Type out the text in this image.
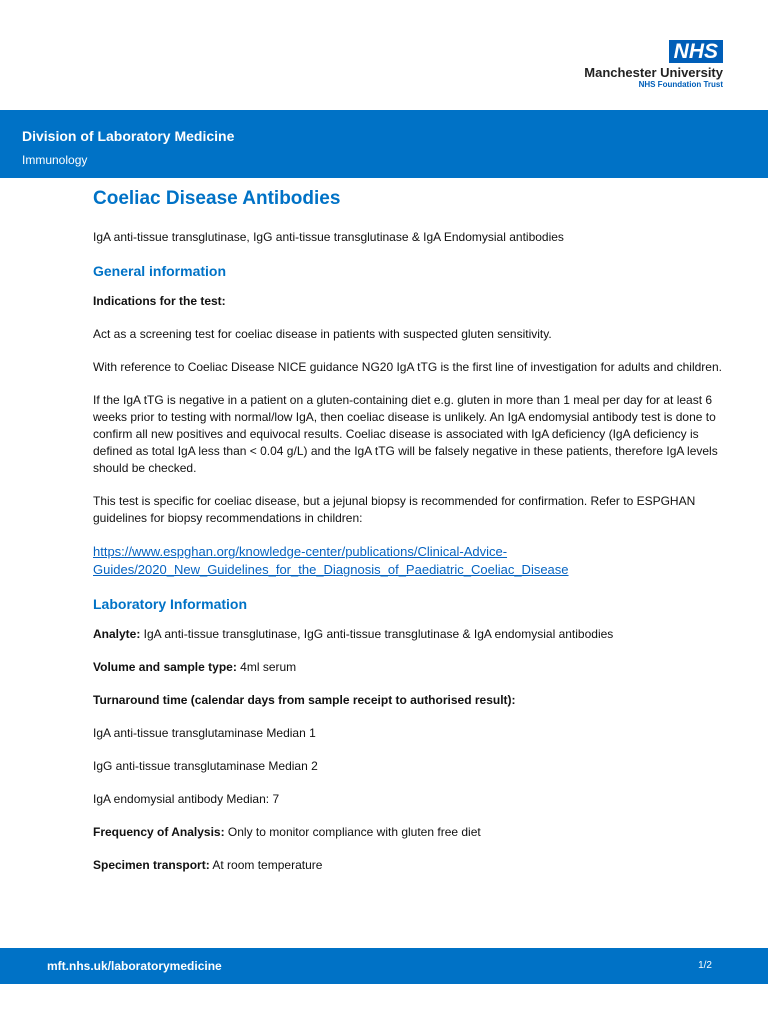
NHS
Manchester University
NHS Foundation Trust
Division of Laboratory Medicine
Immunology
Coeliac Disease Antibodies

IgA anti-tissue transglutinase, IgG anti-tissue transglutinase & IgA Endomysial antibodies

General information

Indications for the test:

Act as a screening test for coeliac disease in patients with suspected gluten sensitivity.

With reference to Coeliac Disease NICE guidance NG20 IgA tTG is the first line of investigation for adults and children.

If the IgA tTG is negative in a patient on a gluten-containing diet e.g. gluten in more than 1 meal per day for at least 6 weeks prior to testing with normal/low IgA, then coeliac disease is unlikely. An IgA endomysial antibody test is done to confirm all new positives and equivocal results. Coeliac disease is associated with IgA deficiency (IgA deficiency is defined as total IgA less than < 0.04 g/L) and the IgA tTG will be falsely negative in these patients, therefore IgA levels should be checked.

This test is specific for coeliac disease, but a jejunal biopsy is recommended for confirmation. Refer to ESPGHAN guidelines for biopsy recommendations in children:

https://www.espghan.org/knowledge-center/publications/Clinical-Advice-
Guides/2020_New_Guidelines_for_the_Diagnosis_of_Paediatric_Coeliac_Disease

Laboratory Information

Analyte: IgA anti-tissue transglutinase, IgG anti-tissue transglutinase & IgA endomysial antibodies

Volume and sample type: 4ml serum

Turnaround time (calendar days from sample receipt to authorised result):

IgA anti-tissue transglutaminase Median 1

IgG anti-tissue transglutaminase Median 2

IgA endomysial antibody Median: 7

Frequency of Analysis: Only to monitor compliance with gluten free diet

Specimen transport: At room temperature

mft.nhs.uk/laboratorymedicine	1/2
